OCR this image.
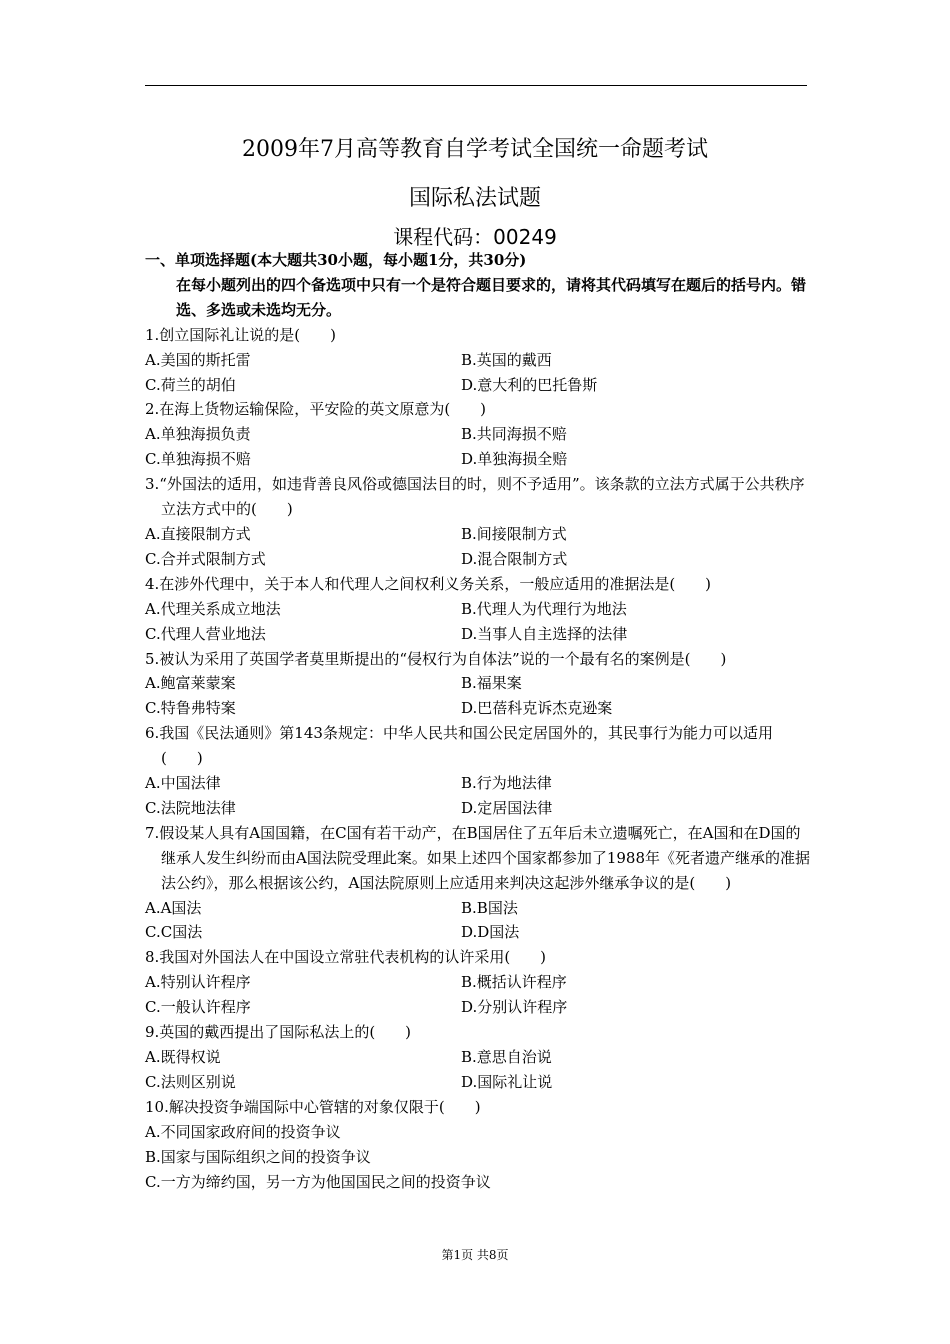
2009年7月高等教育自学考试全国统一命题考试
国际私法试题
课程代码：00249

一、单项选择题(本大题共30小题，每小题1分，共30分)

在每小题列出的四个备选项中只有一个是符合题目要求的，请将其代码填写在题后的括号内。错选、多选或未选均无分。

1.创立国际礼让说的是(　　)

A.美国的斯托雷	B.英国的戴西
C.荷兰的胡伯	D.意大利的巴托鲁斯

2.在海上货物运输保险，平安险的英文原意为(　　)

A.单独海损负责	B.共同海损不赔
C.单独海损不赔	D.单独海损全赔

3.“外国法的适用，如违背善良风俗或德国法目的时，则不予适用”。该条款的立法方式属于公共秩序立法方式中的(　　)

A.直接限制方式	B.间接限制方式
C.合并式限制方式	D.混合限制方式

4.在涉外代理中，关于本人和代理人之间权利义务关系，一般应适用的准据法是(　　)

A.代理关系成立地法	B.代理人为代理行为地法
C.代理人营业地法	D.当事人自主选择的法律

5.被认为采用了英国学者莫里斯提出的“侵权行为自体法”说的一个最有名的案例是(　　)

A.鲍富莱蒙案	B.福果案
C.特鲁弗特案	D.巴蓓科克诉杰克逊案

6.我国《民法通则》第143条规定：中华人民共和国公民定居国外的，其民事行为能力可以适用(　　)

A.中国法律	B.行为地法律
C.法院地法律	D.定居国法律

7.假设某人具有A国国籍，在C国有若干动产，在B国居住了五年后未立遗嘱死亡，在A国和在D国的继承人发生纠纷而由A国法院受理此案。如果上述四个国家都参加了1988年《死者遗产继承的准据法公约》，那么根据该公约，A国法院原则上应适用来判决这起涉外继承争议的是(　　)

A.A国法	B.B国法
C.C国法	D.D国法

8.我国对外国法人在中国设立常驻代表机构的认许采用(　　)

A.特别认许程序	B.概括认许程序
C.一般认许程序	D.分别认许程序

9.英国的戴西提出了国际私法上的(　　)

A.既得权说	B.意思自治说
C.法则区别说	D.国际礼让说

10.解决投资争端国际中心管辖的对象仅限于(　　)

A.不同国家政府间的投资争议

B.国家与国际组织之间的投资争议

C.一方为缔约国，另一方为他国国民之间的投资争议

第1页 共8页
